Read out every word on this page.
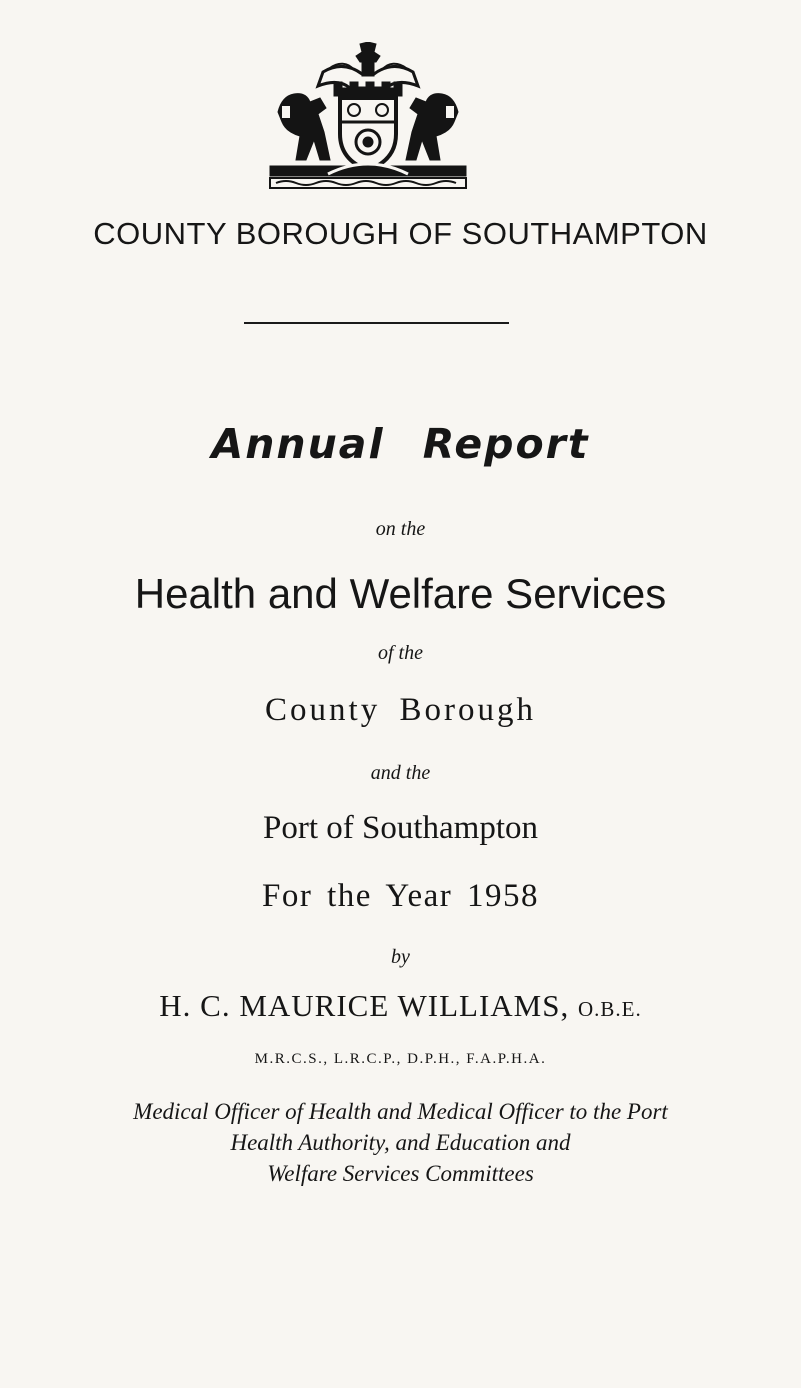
COUNTY BOROUGH OF SOUTHAMPTON
Annual Report
on the
Health and Welfare Services
of the
County Borough
and the
Port of Southampton
For the Year 1958
by
H. C. MAURICE WILLIAMS, O.B.E.
M.R.C.S., L.R.C.P., D.P.H., F.A.P.H.A.
Medical Officer of Health and Medical Officer to the Port
Health Authority, and Education and
Welfare Services Committees
